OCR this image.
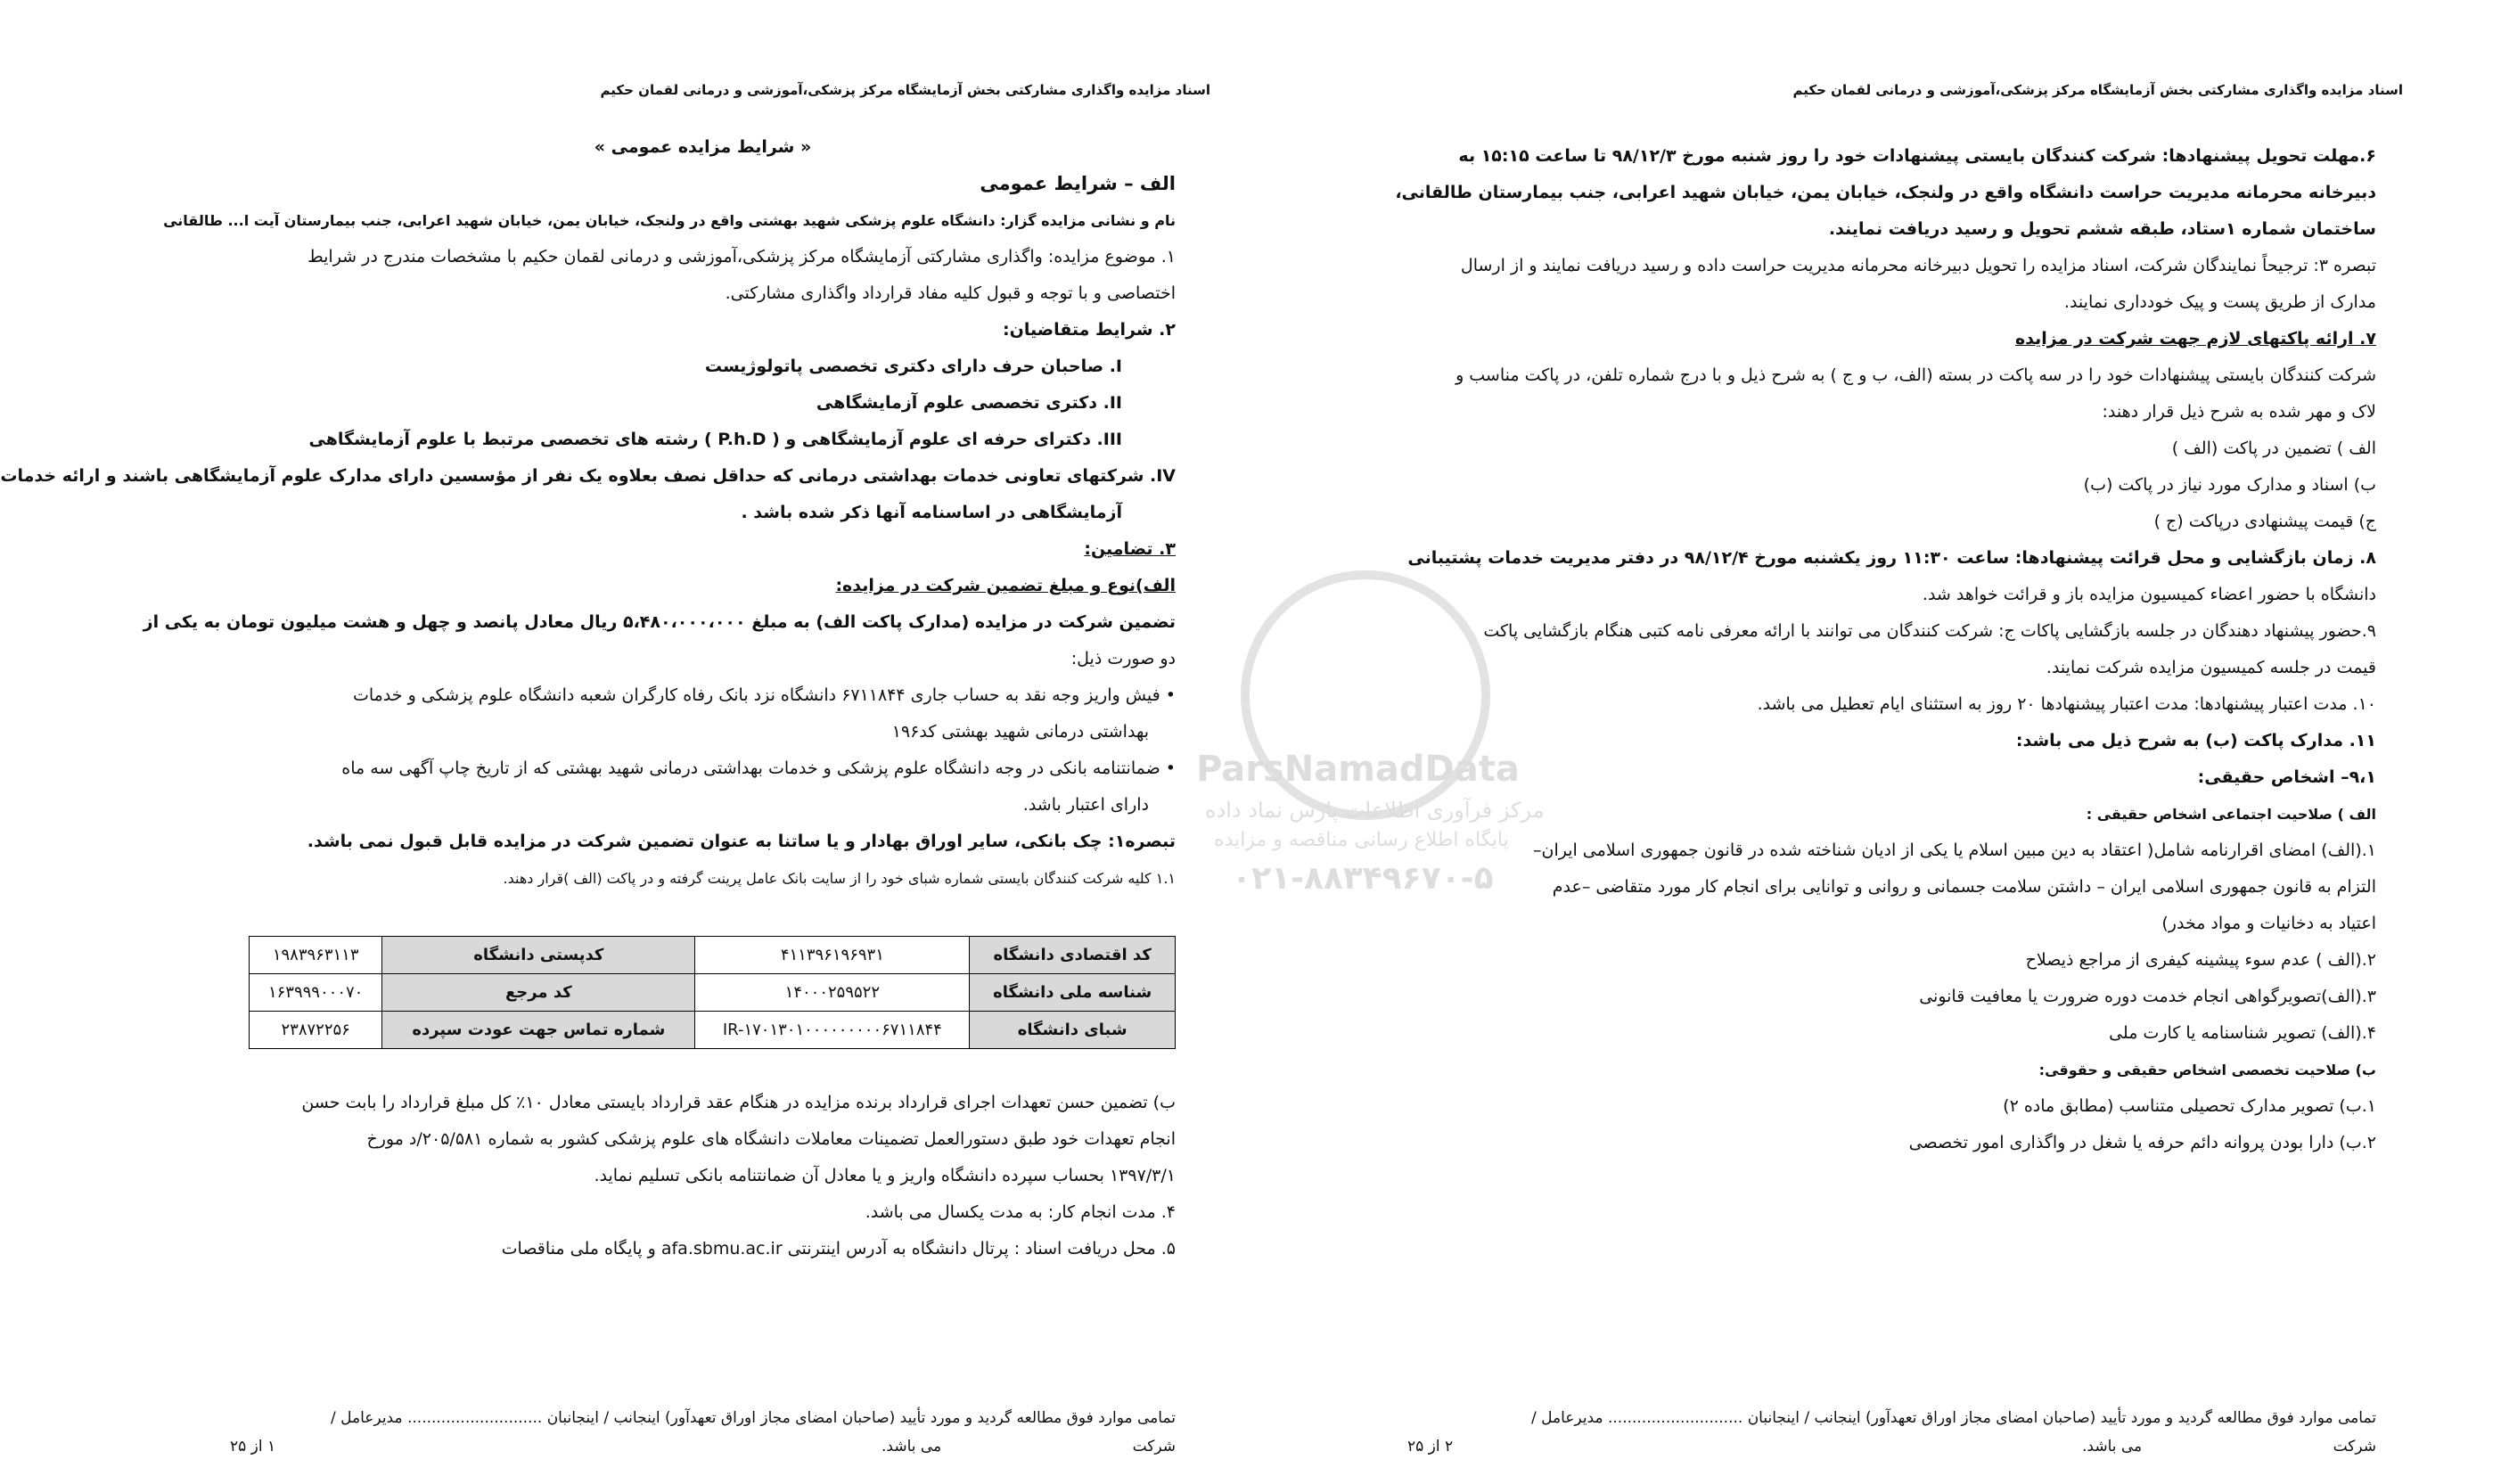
اسناد مزایده واگذاری مشارکتی بخش آزمایشگاه مرکز پزشکی،آموزشی و درمانی لقمان حکیم
« شرایط مزایده عمومی »
الف – شرایط عمومی
نام و نشانی مزایده گزار: دانشگاه علوم پزشکی شهید بهشتی واقع در ولنجک، خیابان یمن، خیابان شهید اعرابی، جنب بیمارستان آیت ا... طالقانی
۱. موضوع مزایده: واگذاری مشارکتی آزمایشگاه مرکز پزشکی،آموزشی و درمانی لقمان حکیم با مشخصات مندرج در شرایط
اختصاصی و با توجه و قبول کلیه مفاد قرارداد واگذاری مشارکتی.
۲. شرایط متقاضیان:
I. صاحبان حرف دارای دکتری تخصصی پاتولوژیست
II. دکتری تخصصی علوم آزمایشگاهی
III. دکترای حرفه ای علوم آزمایشگاهی و ( P.h.D ) رشته های تخصصی مرتبط با علوم آزمایشگاهی
IV. شرکتهای تعاونی خدمات بهداشتی درمانی که حداقل نصف بعلاوه یک نفر از مؤسسین دارای مدارک علوم آزمایشگاهی باشند و ارائه خدمات
آزمایشگاهی در اساسنامه آنها ذکر شده باشد .
۳. تضامین:
الف)نوع و مبلغ تضمین شرکت در مزایده:
تضمین شرکت در مزایده (مدارک پاکت الف) به مبلغ ۵،۴۸۰،۰۰۰،۰۰۰ ریال معادل پانصد و چهل و هشت میلیون تومان به یکی از
دو صورت ذیل:
• فیش واریز وجه نقد به حساب جاری ۶۷۱۱۸۴۴ دانشگاه نزد بانک رفاه کارگران شعبه دانشگاه علوم پزشکی و خدمات
بهداشتی درمانی شهید بهشتی کد۱۹۶
• ضمانتنامه بانکی در وجه دانشگاه علوم پزشکی و خدمات بهداشتی درمانی شهید بهشتی که از تاریخ چاپ آگهی سه ماه
دارای اعتبار باشد.
تبصره۱: چک بانکی، سایر اوراق بهادار و یا ساتنا به عنوان تضمین شرکت در مزایده قابل قبول نمی باشد.
۱.۱ کلیه شرکت کنندگان بایستی شماره شبای خود را از سایت بانک عامل پرینت گرفته و در پاکت (الف )قرار دهند.
کد اقتصادی دانشگاه	۴۱۱۳۹۶۱۹۶۹۳۱	کدپستی دانشگاه	۱۹۸۳۹۶۳۱۱۳
شناسه ملی دانشگاه	۱۴۰۰۰۲۵۹۵۲۲	کد مرجع	۱۶۳۹۹۹۰۰۰۷۰
شبای دانشگاه	IR-۱۷۰۱۳۰۱۰۰۰۰۰۰۰۰۰۶۷۱۱۸۴۴	شماره تماس جهت عودت سپرده	۲۳۸۷۲۲۵۶
ب) تضمین حسن تعهدات اجرای قرارداد برنده مزایده در هنگام عقد قرارداد بایستی معادل ۱۰٪ کل مبلغ قرارداد را بابت حسن
انجام تعهدات خود طبق دستورالعمل تضمینات معاملات دانشگاه های علوم پزشکی کشور به شماره ۲۰۵/۵۸۱/د مورخ
۱۳۹۷/۳/۱ بحساب سپرده دانشگاه واریز و یا معادل آن ضمانتنامه بانکی تسلیم نماید.
۴. مدت انجام کار: به مدت یکسال می باشد.
۵. محل دریافت اسناد : پرتال دانشگاه به آدرس اینترنتی afa.sbmu.ac.ir و پایگاه ملی مناقصات
تمامی موارد فوق مطالعه گردید و مورد تأیید (صاحبان امضای مجاز اوراق تعهدآور) اینجانب / اینجانبان ............................ مدیرعامل /
شرکت
می باشد.
۱ از ۲۵
اسناد مزایده واگذاری مشارکتی بخش آزمایشگاه مرکز پزشکی،آموزشی و درمانی لقمان حکیم
۶.مهلت تحویل پیشنهادها: شرکت کنندگان بایستی پیشنهادات خود را روز شنبه مورخ ۹۸/۱۲/۳ تا ساعت ۱۵:۱۵ به
دبیرخانه محرمانه مدیریت حراست دانشگاه واقع در ولنجک، خیابان یمن، خیابان شهید اعرابی، جنب بیمارستان طالقانی،
ساختمان شماره ۱ستاد، طبقه ششم تحویل و رسید دریافت نمایند.
تبصره ۳: ترجیحاً نمایندگان شرکت، اسناد مزایده را تحویل دبیرخانه محرمانه مدیریت حراست داده و رسید دریافت نمایند و از ارسال
مدارک از طریق پست و پیک خودداری نمایند.
۷. ارائه پاکتهای لازم جهت شرکت در مزایده
شرکت کنندگان بایستی پیشنهادات خود را در سه پاکت در بسته (الف، ب و ج ) به شرح ذیل و با درج شماره تلفن، در پاکت مناسب و
لاک و مهر شده به شرح ذیل قرار دهند:
الف ) تضمین در پاکت (الف )
ب) اسناد و مدارک مورد نیاز در پاکت (ب)
ج) قیمت پیشنهادی درپاکت (ج )
۸. زمان بازگشایی و محل قرائت پیشنهادها: ساعت ۱۱:۳۰ روز یکشنبه مورخ ۹۸/۱۲/۴ در دفتر مدیریت خدمات پشتیبانی
دانشگاه با حضور اعضاء کمیسیون مزایده باز و قرائت خواهد شد.
۹.حضور پیشنهاد دهندگان در جلسه بازگشایی پاکات ج: شرکت کنندگان می توانند با ارائه معرفی نامه کتبی هنگام بازگشایی پاکت
قیمت در جلسه کمیسیون مزایده شرکت نمایند.
۱۰. مدت اعتبار پیشنهادها: مدت اعتبار پیشنهادها ۲۰ روز به استثنای ایام تعطیل می باشد.
۱۱. مدارک پاکت (ب) به شرح ذیل می باشد:
۹،۱– اشخاص حقیقی:
الف ) صلاحیت اجتماعی اشخاص حقیقی :
۱.(الف) امضای اقرارنامه شامل( اعتقاد به دین مبین اسلام یا یکی از ادیان شناخته شده در قانون جمهوری اسلامی ایران–
التزام به قانون جمهوری اسلامی ایران – داشتن سلامت جسمانی و روانی و توانایی برای انجام کار مورد متقاضی –عدم
اعتیاد به دخانیات و مواد مخدر)
۲.(الف ) عدم سوء پیشینه کیفری از مراجع ذیصلاح
۳.(الف)تصویرگواهی انجام خدمت دوره ضرورت یا معافیت قانونی
۴.(الف) تصویر شناسنامه یا کارت ملی
ب) صلاحیت تخصصی اشخاص حقیقی و حقوقی:
۱.ب) تصویر مدارک تحصیلی متناسب (مطابق ماده ۲)
۲.ب) دارا بودن پروانه دائم حرفه یا شغل در واگذاری امور تخصصی
تمامی موارد فوق مطالعه گردید و مورد تأیید (صاحبان امضای مجاز اوراق تعهدآور) اینجانب / اینجانبان ............................ مدیرعامل /
شرکت
می باشد.
۲ از ۲۵
ParsNamadData
مرکز فرآوری اطلاعات پارس نماد داده
پایگاه اطلاع رسانی مناقصه و مزایده
۰۲۱-۸۸۳۴۹۶۷۰-۵
